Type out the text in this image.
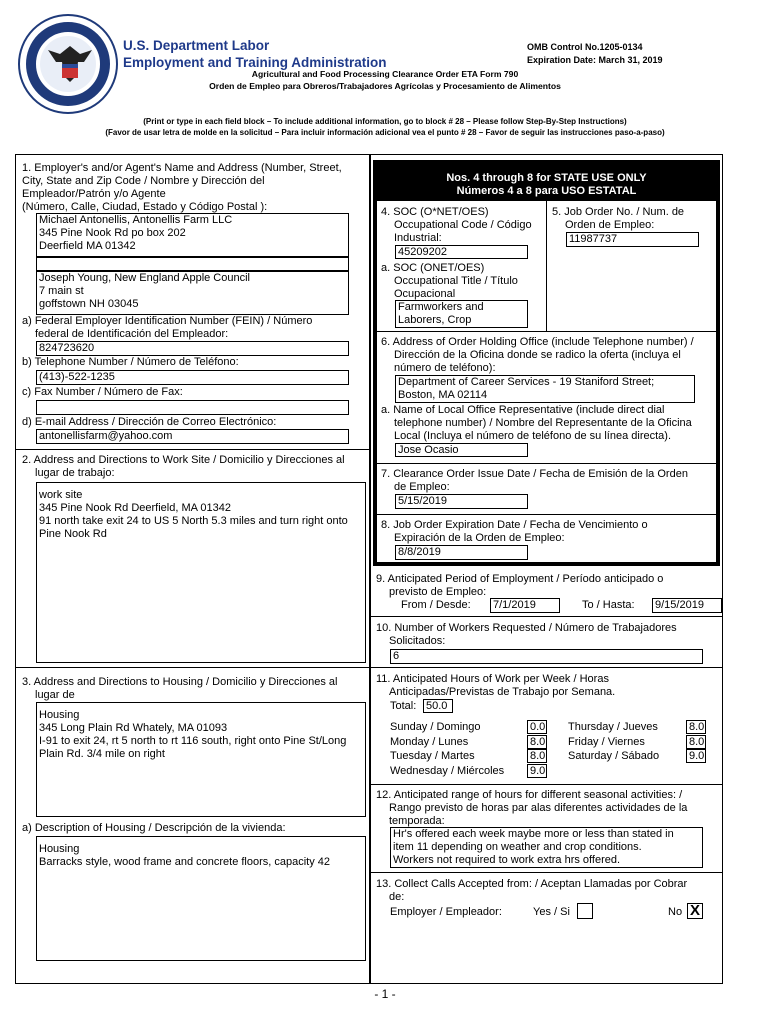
U.S. Department Labor
Employment and Training Administration
OMB Control No.1205-0134
Expiration Date: March 31, 2019
Agricultural and Food Processing Clearance Order ETA Form 790
Orden de Empleo para Obreros/Trabajadores Agrícolas y Procesamiento de Alimentos
(Print or type in each field block – To include additional information, go to block # 28 – Please follow Step-By-Step Instructions)
(Favor de usar letra de molde en la solicitud – Para incluir información adicional vea el punto # 28 – Favor de seguir las instrucciones paso-a-paso)
1. Employer's and/or Agent's Name and Address (Number, Street,
City, State and Zip Code / Nombre y Dirección del
Empleador/Patrón y/o Agente
(Número, Calle, Ciudad, Estado y Código Postal ):
Michael Antonellis, Antonellis Farm LLC
345 Pine Nook Rd po box 202
Deerfield MA 01342
Joseph Young, New England Apple Council
7 main st
goffstown NH 03045
a) Federal Employer Identification Number (FEIN) / Número
federal de Identificación del Empleador:
824723620
b) Telephone Number / Número de Teléfono:
(413)-522-1235
c) Fax Number / Número de Fax:
d) E-mail Address / Dirección de Correo Electrónico:
antonellisfarm@yahoo.com
2. Address and Directions to Work Site / Domicilio y Direcciones al
lugar de trabajo:
work site
345 Pine Nook Rd Deerfield, MA 01342
91 north take exit 24 to US 5 North 5.3 miles and turn right onto
Pine Nook Rd
3. Address and Directions to Housing / Domicilio y Direcciones al
lugar de
Housing
345 Long Plain Rd Whately, MA 01093
I-91 to exit 24, rt 5 north to rt 116 south, right onto Pine St/Long
Plain Rd. 3/4 mile on right
a) Description of Housing / Descripción de la vivienda:
Housing
Barracks style, wood frame and concrete floors, capacity 42
Nos. 4 through 8 for STATE USE ONLY
Números 4 a 8 para USO ESTATAL
4. SOC (O*NET/OES)
Occupational Code / Código
Industrial:
45209202
a. SOC (ONET/OES)
Occupational Title / Título
Ocupacional
Farmworkers and
Laborers, Crop
5. Job Order No. / Num. de
Orden de Empleo:
11987737
6. Address of Order Holding Office (include Telephone number) /
Dirección de la Oficina donde se radico la oferta (incluya el
número de teléfono):
Department of Career Services - 19 Staniford Street;
Boston, MA 02114
a. Name of Local Office Representative (include direct dial
telephone number) / Nombre del Representante de la Oficina
Local (Incluya el número de teléfono de su línea directa).
Jose Ocasio
7. Clearance Order Issue Date / Fecha de Emisión de la Orden
de Empleo:
5/15/2019
8. Job Order Expiration Date / Fecha de Vencimiento o
Expiración de la Orden de Empleo:
8/8/2019
9. Anticipated Period of Employment / Período anticipado o
previsto de Empleo:
From / Desde: 7/1/2019	To / Hasta: 9/15/2019
10. Number of Workers Requested / Número de Trabajadores
Solicitados:
6
11. Anticipated Hours of Work per Week / Horas
Anticipadas/Previstas de Trabajo por Semana.
Total: 50.0
Sunday / Domingo	0.0
Monday / Lunes	8.0
Tuesday / Martes	8.0
Wednesday / Miércoles 9.0
Thursday / Jueves	8.0
Friday / Viernes	8.0
Saturday / Sábado	9.0
12. Anticipated range of hours for different seasonal activities: /
Rango previsto de horas par alas diferentes actividades de la
temporada:
Hr's offered each week maybe more or less than stated in
item 11 depending on weather and crop conditions.
Workers not required to work extra hrs offered.
13. Collect Calls Accepted from: / Aceptan Llamadas por Cobrar
de:
Employer / Empleador:	Yes / Si	No X
- 1 -
